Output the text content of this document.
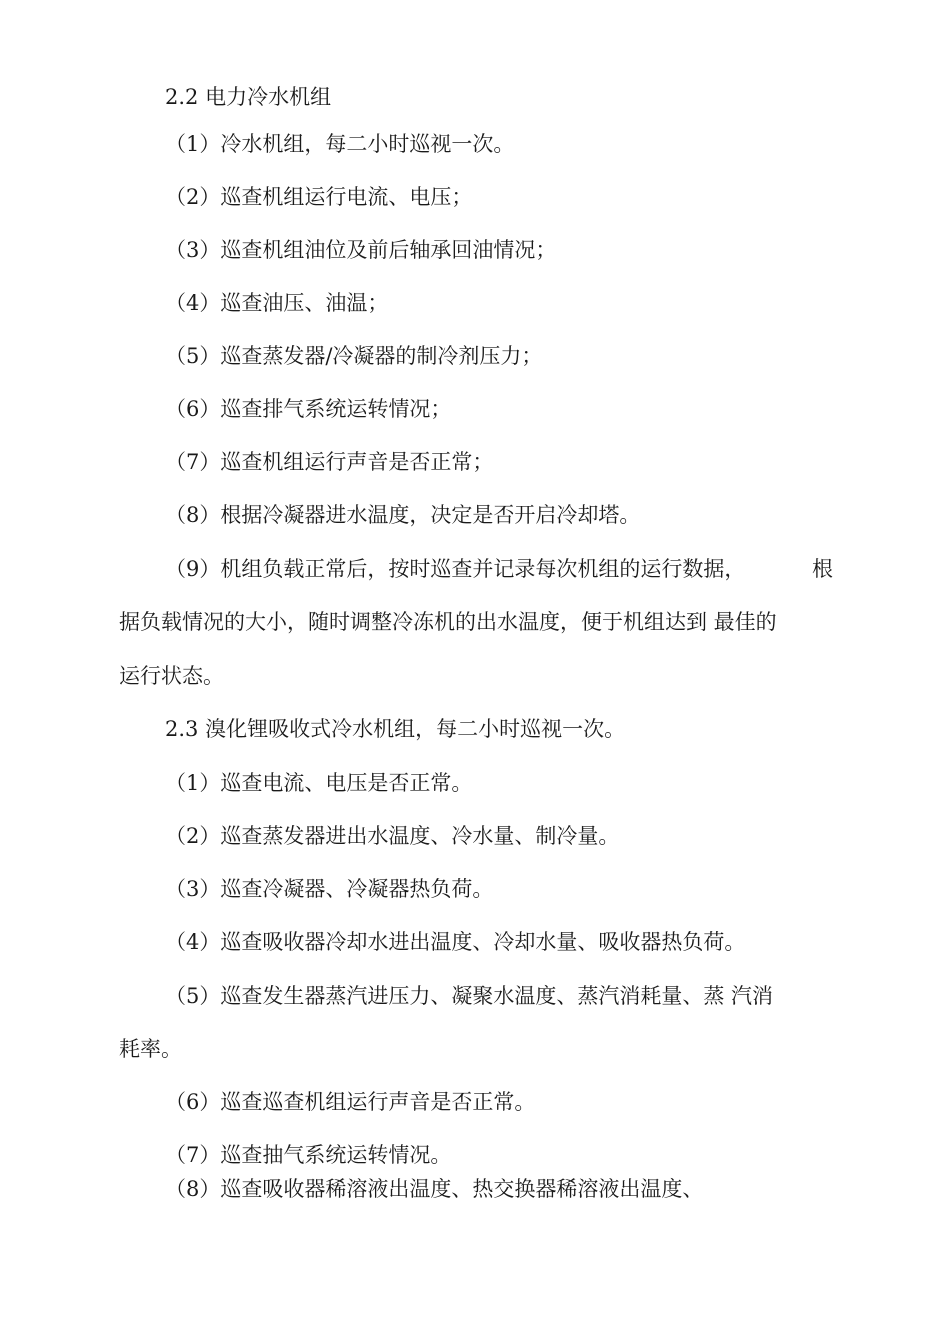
2.2 电力冷水机组
（1）冷水机组，每二小时巡视一次。
（2）巡查机组运行电流、电压；
（3）巡查机组油位及前后轴承回油情况；
（4）巡查油压、油温；
（5）巡查蒸发器/冷凝器的制冷剂压力；
（6）巡查排气系统运转情况；
（7）巡查机组运行声音是否正常；
（8）根据冷凝器进水温度，决定是否开启冷却塔。
（9）机组负载正常后，按时巡查并记录每次机组的运行数据，	根
据负载情况的大小，随时调整冷冻机的出水温度，便于机组达到 最佳的
运行状态。
2.3 溴化锂吸收式冷水机组，每二小时巡视一次。
（1）巡查电流、电压是否正常。
（2）巡查蒸发器进出水温度、冷水量、制冷量。
（3）巡查冷凝器、冷凝器热负荷。
（4）巡查吸收器冷却水进出温度、冷却水量、吸收器热负荷。
（5）巡查发生器蒸汽进压力、凝聚水温度、蒸汽消耗量、蒸 汽消
耗率。
（6）巡查巡查机组运行声音是否正常。
（7）巡查抽气系统运转情况。
（8）巡查吸收器稀溶液出温度、热交换器稀溶液出温度、
